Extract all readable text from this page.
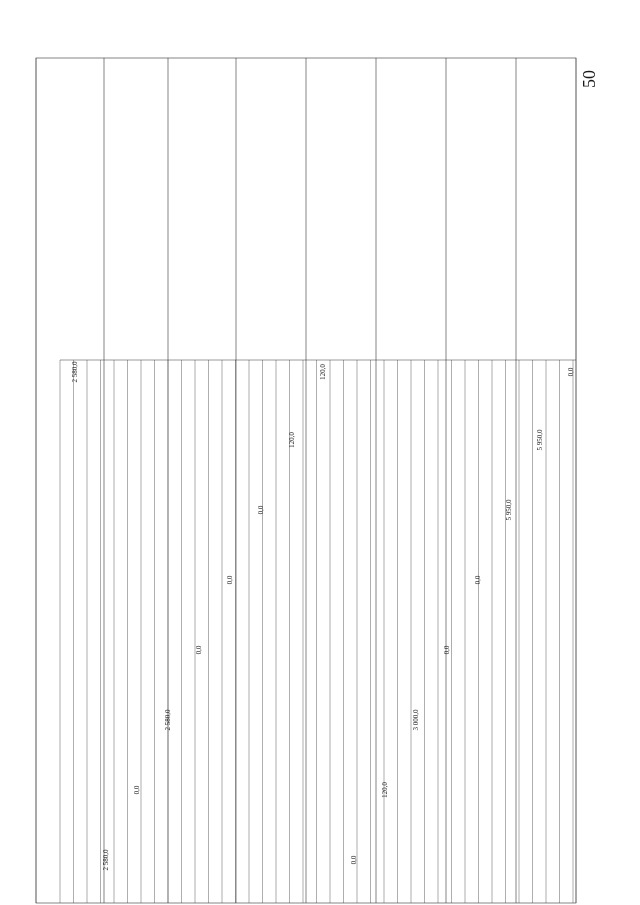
0,0
5 950,0
5 950,0
0,0
0,0
3 000,0
120,0
0,0
120,0
120,0
0,0
0,0
0,0
2 580,0
0,0
2 580,0
2 580,0
50
